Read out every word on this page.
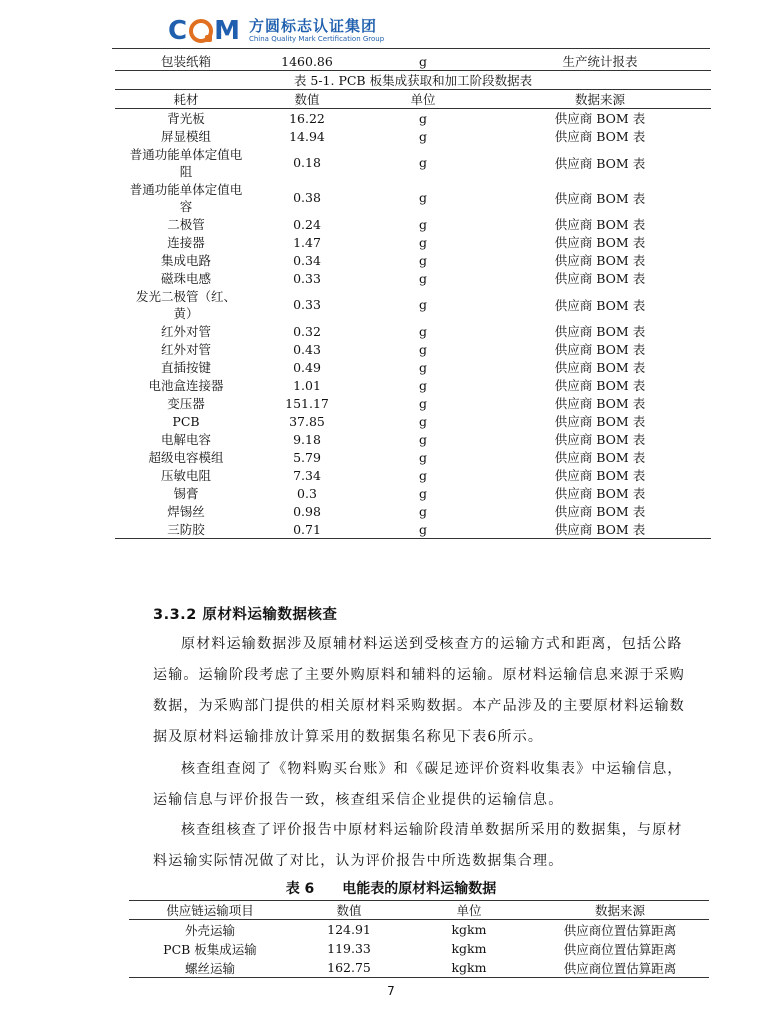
C M 方圆标志认证集团
China Quality Mark Certification Group
包装纸箱	1460.86	g	生产统计报表
表 5-1. PCB 板集成获取和加工阶段数据表			
耗材	数值	单位	数据来源
背光板	16.22	g	供应商 BOM 表
屏显模组	14.94	g	供应商 BOM 表
普通功能单体定值电阻	0.18	g	供应商 BOM 表
普通功能单体定值电容	0.38	g	供应商 BOM 表
二极管	0.24	g	供应商 BOM 表
连接器	1.47	g	供应商 BOM 表
集成电路	0.34	g	供应商 BOM 表
磁珠电感	0.33	g	供应商 BOM 表
发光二极管（红、黄）	0.33	g	供应商 BOM 表
红外对管	0.32	g	供应商 BOM 表
红外对管	0.43	g	供应商 BOM 表
直插按键	0.49	g	供应商 BOM 表
电池盒连接器	1.01	g	供应商 BOM 表
变压器	151.17	g	供应商 BOM 表
PCB	37.85	g	供应商 BOM 表
电解电容	9.18	g	供应商 BOM 表
超级电容模组	5.79	g	供应商 BOM 表
压敏电阻	7.34	g	供应商 BOM 表
锡膏	0.3	g	供应商 BOM 表
焊锡丝	0.98	g	供应商 BOM 表
三防胶	0.71	g	供应商 BOM 表
3.3.2 原材料运输数据核查
原材料运输数据涉及原辅材料运送到受核查方的运输方式和距离，包括公路运输。运输阶段考虑了主要外购原料和辅料的运输。原材料运输信息来源于采购数据，为采购部门提供的相关原材料采购数据。本产品涉及的主要原材料运输数据及原材料运输排放计算采用的数据集名称见下表6所示。
核查组查阅了《物料购买台账》和《碳足迹评价资料收集表》中运输信息，运输信息与评价报告一致，核查组采信企业提供的运输信息。
核查组核查了评价报告中原材料运输阶段清单数据所采用的数据集，与原材料运输实际情况做了对比，认为评价报告中所选数据集合理。
表 6　　电能表的原材料运输数据
供应链运输项目	数值	单位	数据来源
外壳运输	124.91	kgkm	供应商位置估算距离
PCB 板集成运输	119.33	kgkm	供应商位置估算距离
螺丝运输	162.75	kgkm	供应商位置估算距离
7
